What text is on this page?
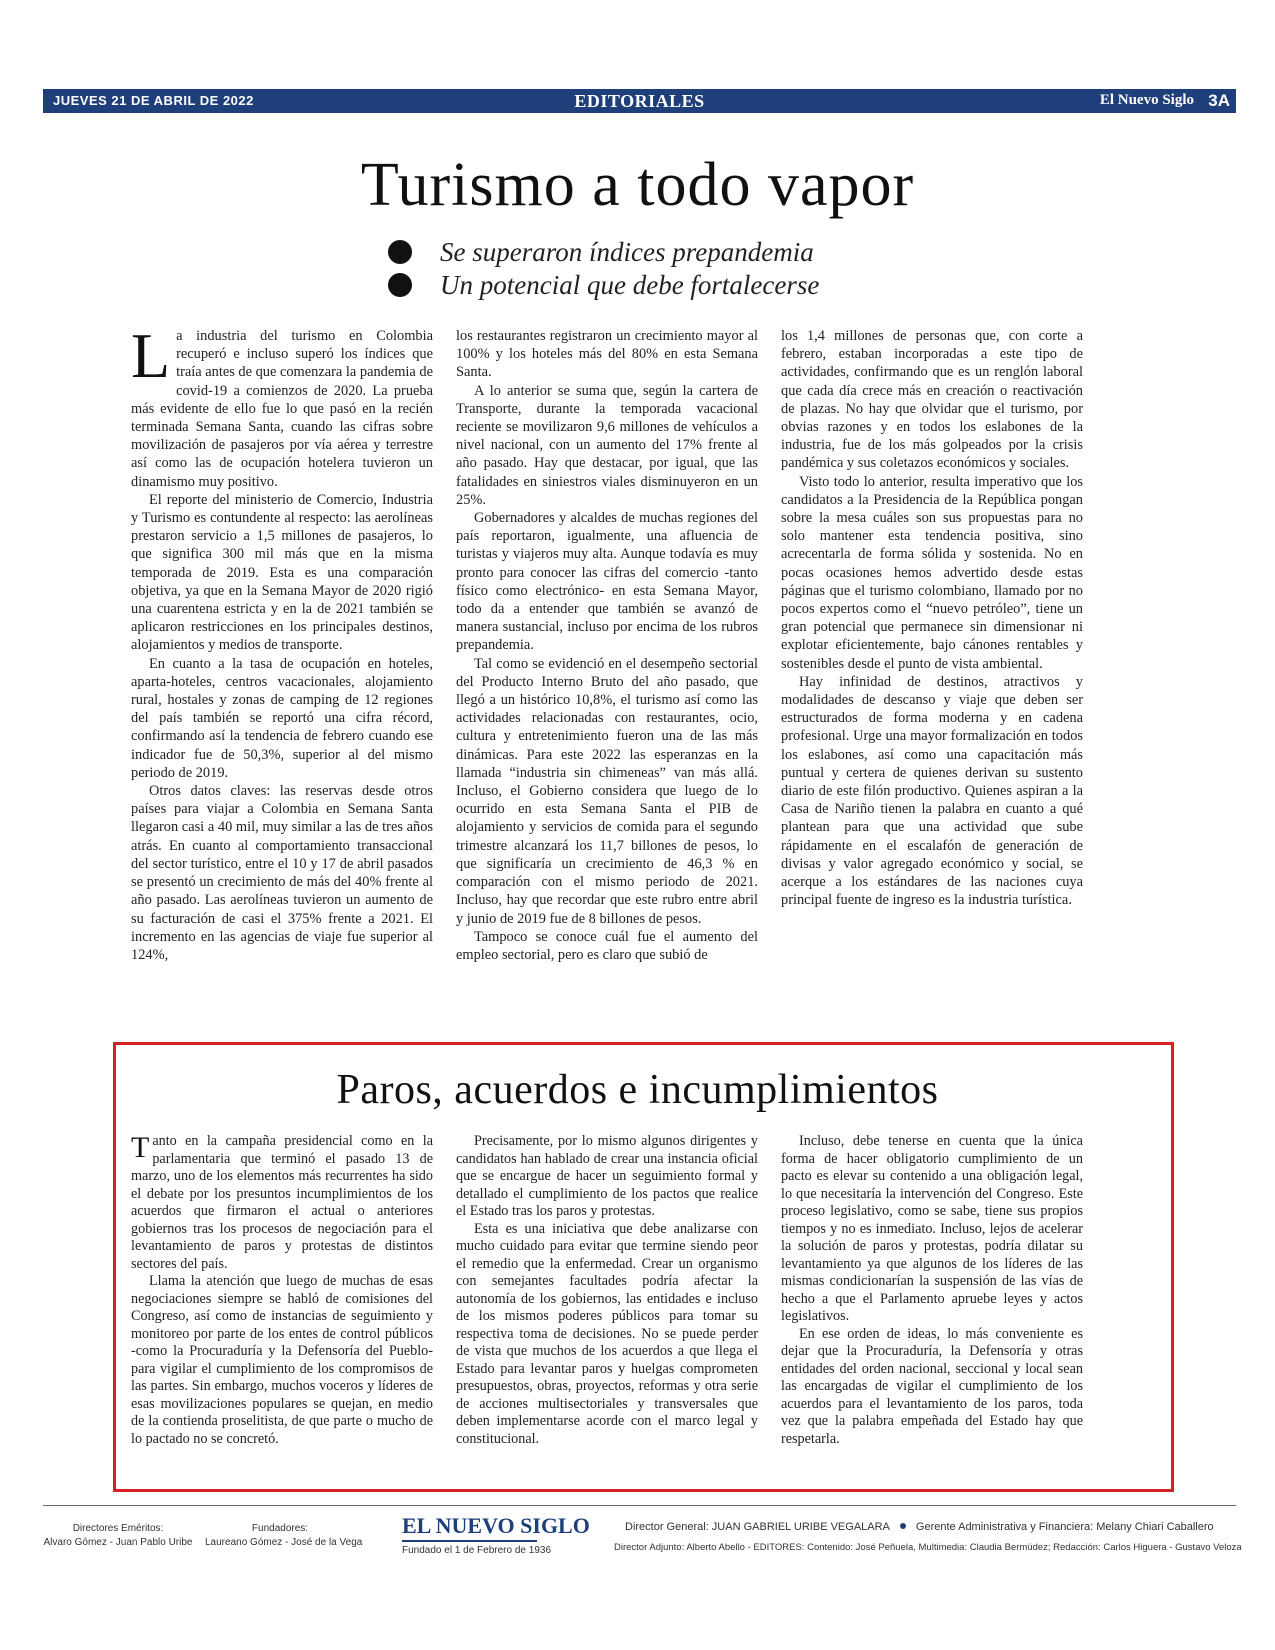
JUEVES 21 DE ABRIL DE 2022	EDITORIALES	El Nuevo Siglo 3A
Turismo a todo vapor
Se superaron índices prepandemia
Un potencial que debe fortalecerse

La industria del turismo en Colombia recuperó e incluso superó los índices que traía antes de que comenzara la pandemia de covid-19 a comienzos de 2020. La prueba más evidente de ello fue lo que pasó en la recién terminada Semana Santa, cuando las cifras sobre movilización de pasajeros por vía aérea y terrestre así como las de ocupación hotelera tuvieron un dinamismo muy positivo.

El reporte del ministerio de Comercio, Industria y Turismo es contundente al respecto: las aerolíneas prestaron servicio a 1,5 millones de pasajeros, lo que significa 300 mil más que en la misma temporada de 2019. Esta es una comparación objetiva, ya que en la Semana Mayor de 2020 rigió una cuarentena estricta y en la de 2021 también se aplicaron restricciones en los principales destinos, alojamientos y medios de transporte.

En cuanto a la tasa de ocupación en hoteles, aparta-hoteles, centros vacacionales, alojamiento rural, hostales y zonas de camping de 12 regiones del país también se reportó una cifra récord, confirmando así la tendencia de febrero cuando ese indicador fue de 50,3%, superior al del mismo periodo de 2019.

Otros datos claves: las reservas desde otros países para viajar a Colombia en Semana Santa llegaron casi a 40 mil, muy similar a las de tres años atrás. En cuanto al comportamiento transaccional del sector turístico, entre el 10 y 17 de abril pasados se presentó un crecimiento de más del 40% frente al año pasado. Las aerolíneas tuvieron un aumento de su facturación de casi el 375% frente a 2021. El incremento en las agencias de viaje fue superior al 124%,

los restaurantes registraron un crecimiento mayor al 100% y los hoteles más del 80% en esta Semana Santa.

A lo anterior se suma que, según la cartera de Transporte, durante la temporada vacacional reciente se movilizaron 9,6 millones de vehículos a nivel nacional, con un aumento del 17% frente al año pasado. Hay que destacar, por igual, que las fatalidades en siniestros viales disminuyeron en un 25%.

Gobernadores y alcaldes de muchas regiones del país reportaron, igualmente, una afluencia de turistas y viajeros muy alta. Aunque todavía es muy pronto para conocer las cifras del comercio -tanto físico como electrónico- en esta Semana Mayor, todo da a entender que también se avanzó de manera sustancial, incluso por encima de los rubros prepandemia.

Tal como se evidenció en el desempeño sectorial del Producto Interno Bruto del año pasado, que llegó a un histórico 10,8%, el turismo así como las actividades relacionadas con restaurantes, ocio, cultura y entretenimiento fueron una de las más dinámicas. Para este 2022 las esperanzas en la llamada “industria sin chimeneas” van más allá. Incluso, el Gobierno considera que luego de lo ocurrido en esta Semana Santa el PIB de alojamiento y servicios de comida para el segundo trimestre alcanzará los 11,7 billones de pesos, lo que significaría un crecimiento de 46,3 % en comparación con el mismo periodo de 2021. Incluso, hay que recordar que este rubro entre abril y junio de 2019 fue de 8 billones de pesos.

Tampoco se conoce cuál fue el aumento del empleo sectorial, pero es claro que subió de

los 1,4 millones de personas que, con corte a febrero, estaban incorporadas a este tipo de actividades, confirmando que es un renglón laboral que cada día crece más en creación o reactivación de plazas. No hay que olvidar que el turismo, por obvias razones y en todos los eslabones de la industria, fue de los más golpeados por la crisis pandémica y sus coletazos económicos y sociales.

Visto todo lo anterior, resulta imperativo que los candidatos a la Presidencia de la República pongan sobre la mesa cuáles son sus propuestas para no solo mantener esta tendencia positiva, sino acrecentarla de forma sólida y sostenida. No en pocas ocasiones hemos advertido desde estas páginas que el turismo colombiano, llamado por no pocos expertos como el “nuevo petróleo”, tiene un gran potencial que permanece sin dimensionar ni explotar eficientemente, bajo cánones rentables y sostenibles desde el punto de vista ambiental.

Hay infinidad de destinos, atractivos y modalidades de descanso y viaje que deben ser estructurados de forma moderna y en cadena profesional. Urge una mayor formalización en todos los eslabones, así como una capacitación más puntual y certera de quienes derivan su sustento diario de este filón productivo. Quienes aspiran a la Casa de Nariño tienen la palabra en cuanto a qué plantean para que una actividad que sube rápidamente en el escalafón de generación de divisas y valor agregado económico y social, se acerque a los estándares de las naciones cuya principal fuente de ingreso es la industria turística.

Paros, acuerdos e incumplimientos

Tanto en la campaña presidencial como en la parlamentaria que terminó el pasado 13 de marzo, uno de los elementos más recurrentes ha sido el debate por los presuntos incumplimientos de los acuerdos que firmaron el actual o anteriores gobiernos tras los procesos de negociación para el levantamiento de paros y protestas de distintos sectores del país.

Llama la atención que luego de muchas de esas negociaciones siempre se habló de comisiones del Congreso, así como de instancias de seguimiento y monitoreo por parte de los entes de control públicos -como la Procuraduría y la Defensoría del Pueblo- para vigilar el cumplimiento de los compromisos de las partes. Sin embargo, muchos voceros y líderes de esas movilizaciones populares se quejan, en medio de la contienda proselitista, de que parte o mucho de lo pactado no se concretó.

Precisamente, por lo mismo algunos dirigentes y candidatos han hablado de crear una instancia oficial que se encargue de hacer un seguimiento formal y detallado el cumplimiento de los pactos que realice el Estado tras los paros y protestas.

Esta es una iniciativa que debe analizarse con mucho cuidado para evitar que termine siendo peor el remedio que la enfermedad. Crear un organismo con semejantes facultades podría afectar la autonomía de los gobiernos, las entidades e incluso de los mismos poderes públicos para tomar su respectiva toma de decisiones. No se puede perder de vista que muchos de los acuerdos a que llega el Estado para levantar paros y huelgas comprometen presupuestos, obras, proyectos, reformas y otra serie de acciones multisectoriales y transversales que deben implementarse acorde con el marco legal y constitucional.

Incluso, debe tenerse en cuenta que la única forma de hacer obligatorio cumplimiento de un pacto es elevar su contenido a una obligación legal, lo que necesitaría la intervención del Congreso. Este proceso legislativo, como se sabe, tiene sus propios tiempos y no es inmediato. Incluso, lejos de acelerar la solución de paros y protestas, podría dilatar su levantamiento ya que algunos de los líderes de las mismas condicionarían la suspensión de las vías de hecho a que el Parlamento apruebe leyes y actos legislativos.

En ese orden de ideas, lo más conveniente es dejar que la Procuraduría, la Defensoría y otras entidades del orden nacional, seccional y local sean las encargadas de vigilar el cumplimiento de los acuerdos para el levantamiento de los paros, toda vez que la palabra empeñada del Estado hay que respetarla.

Directores Eméritos:
Alvaro Gómez - Juan Pablo Uribe
Fundadores:
Laureano Gómez - José de la Vega
EL NUEVO SIGLO
Fundado el 1 de Febrero de 1936
Director General: JUAN GABRIEL URIBE VEGALARA Gerente Administrativa y Financiera: Melany Chiari Caballero
Director Adjunto: Alberto Abello - EDITORES: Contenido: José Peñuela, Multimedia: Claudia Bermúdez; Redacción: Carlos Higuera - Gustavo Veloza
